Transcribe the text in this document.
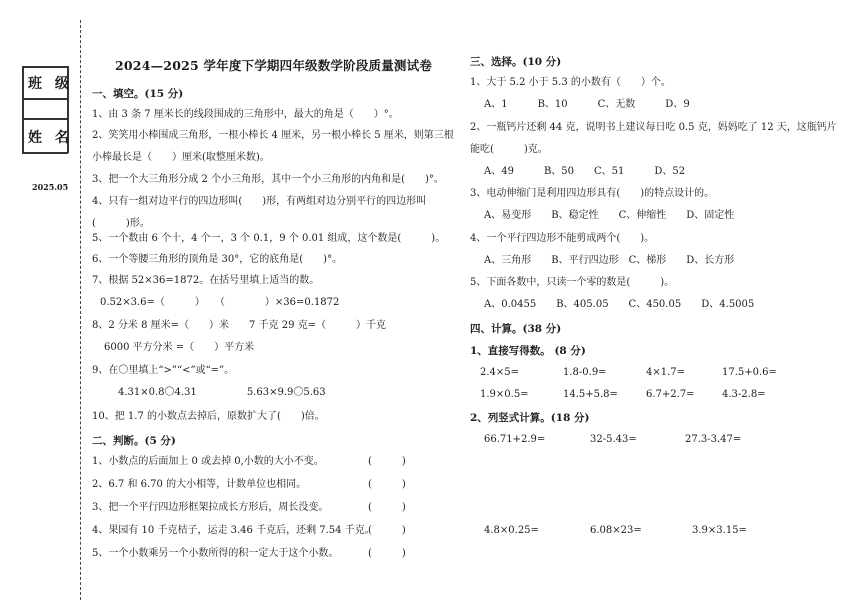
班 级
姓 名
2025.05
2024—2025 学年度下学期四年级数学阶段质量测试卷
一、填空。(15 分)
1、由 3 条 7 厘米长的线段围成的三角形中，最大的角是（　　）°。
2、笑笑用小棒围成三角形，一根小棒长 4 厘米，另一根小棒长 5 厘米，则第三根
小棒最长是（　　）厘米(取整厘米数)。
3、把一个大三角形分成 2 个小三角形，其中一个小三角形的内角和是(　　)°。
4、只有一组对边平行的四边形叫(　　)形，有两组对边分别平行的四边形叫
(　　　)形。
5、一个数由 6 个十，4 个一，3 个 0.1，9 个 0.01 组成，这个数是(　　　)。
6、一个等腰三角形的顶角是 30°，它的底角是(　　)°。
7、根据 52×36=1872。在括号里填上适当的数。
0.52×3.6=（　　　）　　（　　　　）×36=0.1872
8、2 分米 8 厘米=（　　）米　　7 千克 29 克=（　　　）千克
6000 平方分米 =（　　）平方米
9、在〇里填上“>”“<”或“=”。
4.31×0.8〇4.31　　　　　5.63×9.9〇5.63
10、把 1.7 的小数点去掉后，原数扩大了(　　)倍。
二、判断。(5 分)
1、小数点的后面加上 0 或去掉 0,小数的大小不变。	(　　　)
2、6.7 和 6.70 的大小相等，计数单位也相同。	(　　　)
3、把一个平行四边形框架拉成长方形后，周长没变。	(　　　)
4、果园有 10 千克桔子，运走 3.46 千克后，还剩 7.54 千克。
(　　　)
5、一个小数乘另一个小数所得的积一定大于这个小数。	(　　　)
三、选择。(10 分)
1、大于 5.2 小于 5.3 的小数有（　　）个。
A、1　　　B、10　　　C、无数　　　D、9
2、一瓶钙片还剩 44 克，说明书上建议每日吃 0.5 克，妈妈吃了 12 天，这瓶钙片
能吃(　　　)克。
A、49　　　B、50　　C、51　　　D、52
3、电动伸缩门是利用四边形具有(　　)的特点设计的。
A、易变形　　B、稳定性　　C、伸缩性　　D、固定性
4、一个平行四边形不能剪成两个(　　)。
A、三角形　　B、平行四边形　C、梯形　　D、长方形
5、下面各数中，只读一个零的数是(　　　)。
A、0.0455　　B、405.05　　C、450.05　　D、4.5005
四、计算。(38 分)
1、直接写得数。 (8 分)
2.4×5=	1.8-0.9=	4×1.7=	17.5+0.6=
1.9×0.5=	14.5+5.8=	6.7+2.7=	4.3-2.8=
2、列竖式计算。(18 分)
66.71+2.9=	32-5.43=	27.3-3.47=
4.8×0.25=	6.08×23=	3.9×3.15=
